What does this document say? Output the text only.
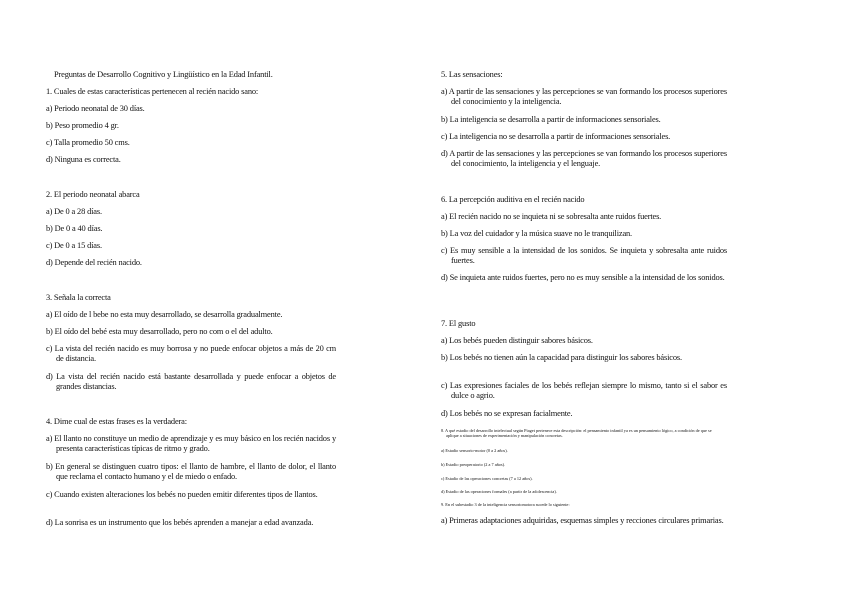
Preguntas de Desarrollo Cognitivo y Lingüístico en la Edad Infantil.
1. Cuales de estas características pertenecen al recién nacido sano:
a) Periodo neonatal de 30 días.
b) Peso promedio 4 gr.
c) Talla promedio 50 cms.
d) Ninguna es correcta.
2. El periodo neonatal abarca
a) De 0 a 28 días.
b) De 0 a 40 días.
c) De 0 a 15 días.
d) Depende del recién nacido.
3. Señala la correcta
a) El oído de l bebe no esta muy desarrollado, se desarrolla gradualmente.
b) El oído del bebé esta muy desarrollado, pero no com o el del adulto.
c) La vista del recién nacido es muy borrosa y no puede enfocar objetos a más de 20 cm de distancia.
d) La vista del recién nacido está bastante desarrollada y puede enfocar a objetos de grandes distancias.
4. Dime cual de estas frases es la verdadera:
a) El llanto no constituye un medio de aprendizaje y es muy básico en los recién nacidos y presenta características típicas de ritmo y grado.
b) En general se distinguen cuatro tipos: el llanto de hambre, el llanto de dolor, el llanto que reclama el contacto humano y el de miedo o enfado.
c) Cuando existen alteraciones los bebés no pueden emitir diferentes tipos de llantos.
d) La sonrisa es un instrumento que los bebés aprenden a manejar a edad avanzada.
5. Las sensaciones:
a) A partir de las sensaciones y las percepciones se van formando los procesos superiores del conocimiento y la inteligencia.
b) La inteligencia se desarrolla a partir de informaciones sensoriales.
c) La inteligencia no se desarrolla a partir de informaciones sensoriales.
d) A partir de las sensaciones y las percepciones se van formando los procesos superiores del conocimiento, la inteligencia y el lenguaje.
6. La percepción auditiva en el recién nacido
a) El recién nacido no se inquieta ni se sobresalta ante ruidos fuertes.
b) La voz del cuidador y la música suave no le tranquilizan.
c) Es muy sensible a la intensidad de los sonidos. Se inquieta y sobresalta ante ruidos fuertes.
d) Se inquieta ante ruidos fuertes, pero no es muy sensible a la intensidad de los sonidos.
7. El gusto
a) Los bebés pueden distinguir sabores básicos.
b) Los bebés no tienen aún la capacidad para distinguir los sabores básicos.
c) Las expresiones faciales de los bebés reflejan siempre lo mismo, tanto si el sabor es dulce o agrio.
d) Los bebés no se expresan facialmente.
8. A qué estadio del desarrollo intelectual según Piaget pertenece esta descripción: el pensamiento infantil ya es un pensamiento lógico, a condición de que se aplique a situaciones de experimentación y manipulación concretas.
a) Estadio sensorio-motor (0 a 2 años).
b) Estadio preoperatorio (2 a 7 años).
c) Estadio de las operaciones concretas (7 a 12 años).
d) Estadio de las operaciones formales (a partir de la adolescencia).
9. En el subestadio 3 de la inteligencia sensoriomotora sucede lo siguiente:
a) Primeras adaptaciones adquiridas, esquemas simples y recciones circulares primarias.
